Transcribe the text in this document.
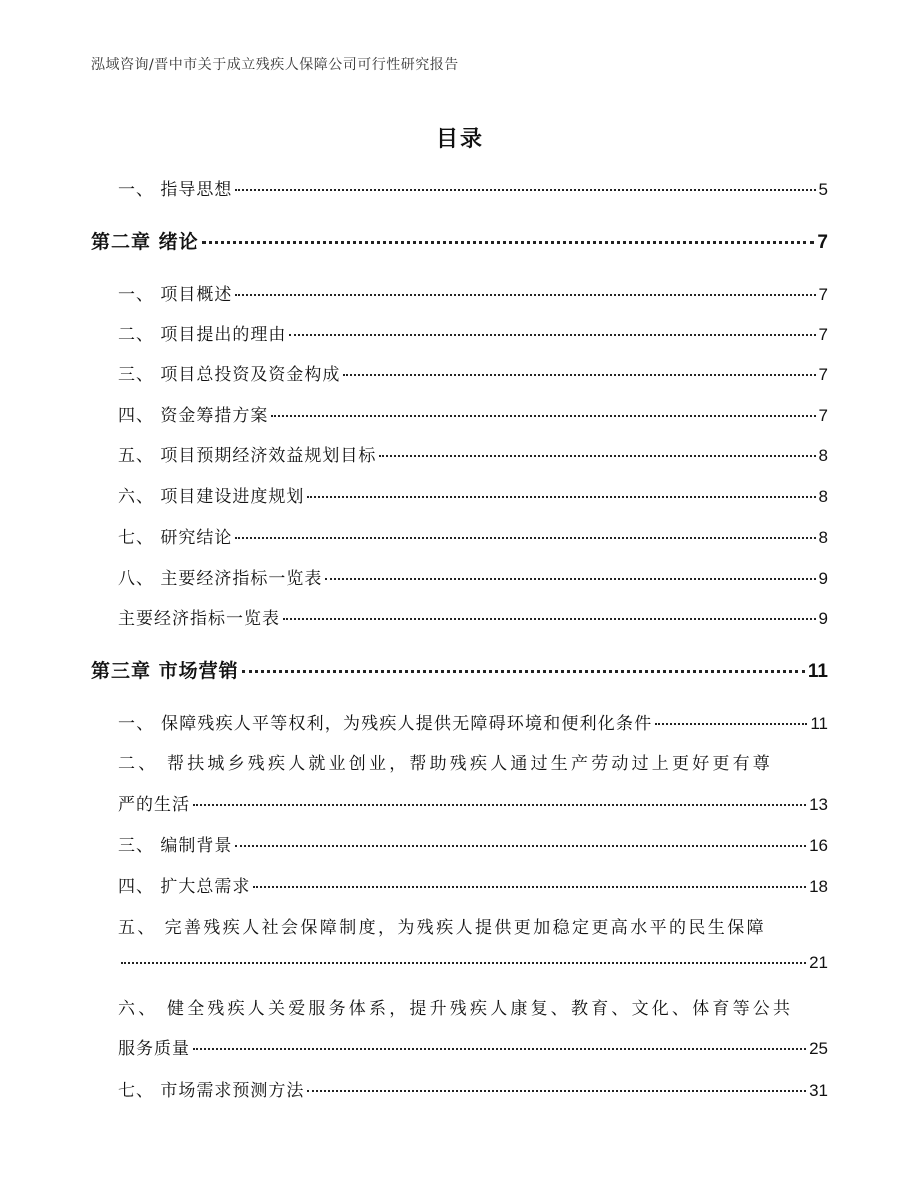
泓域咨询/晋中市关于成立残疾人保障公司可行性研究报告
目录
一、 指导思想	5
第二章 绪论	7
一、 项目概述	7
二、 项目提出的理由	7
三、 项目总投资及资金构成	7
四、 资金筹措方案	7
五、 项目预期经济效益规划目标	8
六、 项目建设进度规划	8
七、 研究结论	8
八、 主要经济指标一览表	9
主要经济指标一览表	9
第三章 市场营销	11
一、 保障残疾人平等权利，为残疾人提供无障碍环境和便利化条件	11
二、 帮扶城乡残疾人就业创业，帮助残疾人通过生产劳动过上更好更有尊
严的生活	13
三、 编制背景	16
四、 扩大总需求	18
五、 完善残疾人社会保障制度，为残疾人提供更加稳定更高水平的民生保障
21
六、 健全残疾人关爱服务体系，提升残疾人康复、教育、文化、体育等公共
服务质量	25
七、 市场需求预测方法	31
